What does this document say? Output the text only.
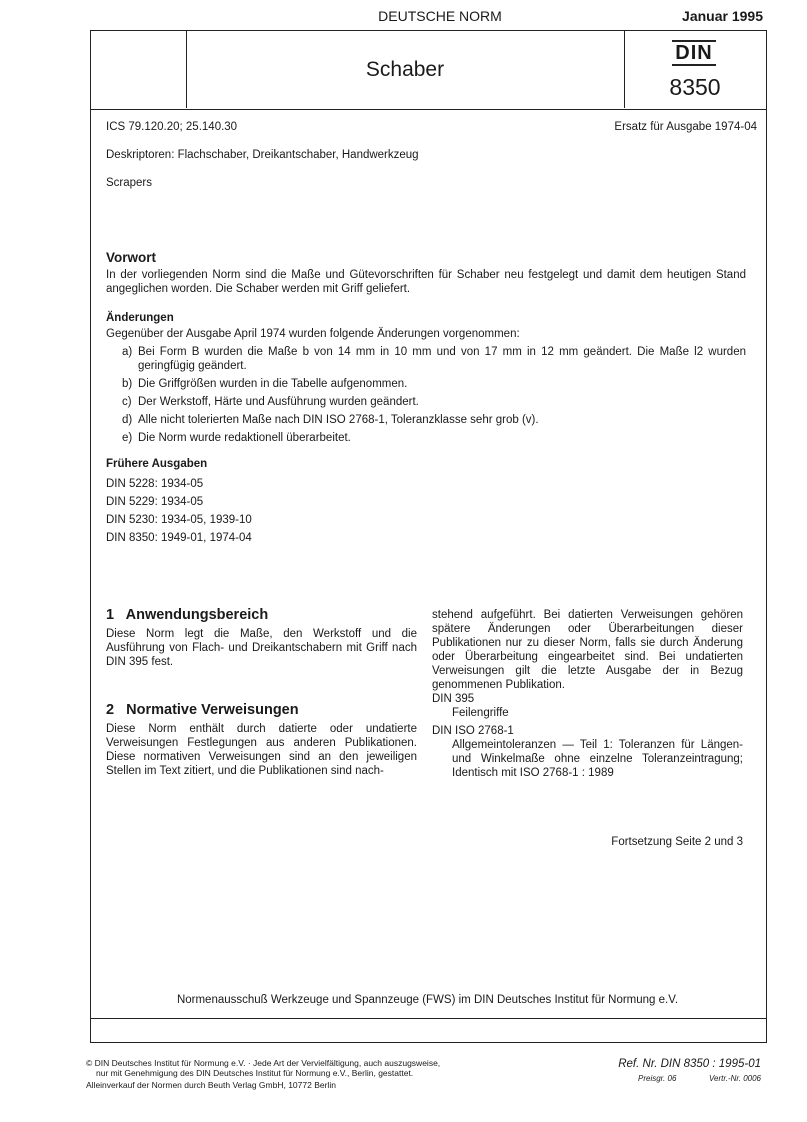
DEUTSCHE NORM	Januar 1995
Schaber
DIN
8350
ICS 79.120.20; 25.140.30	Ersatz für Ausgabe 1974-04
Deskriptoren: Flachschaber, Dreikantschaber, Handwerkzeug
Scrapers
Vorwort
In der vorliegenden Norm sind die Maße und Gütevorschriften für Schaber neu festgelegt und damit dem heutigen Stand angeglichen worden. Die Schaber werden mit Griff geliefert.
Änderungen
Gegenüber der Ausgabe April 1974 wurden folgende Änderungen vorgenommen:
a) Bei Form B wurden die Maße b von 14 mm in 10 mm und von 17 mm in 12 mm geändert. Die Maße l2 wurden geringfügig geändert.
b) Die Griffgrößen wurden in die Tabelle aufgenommen.
c) Der Werkstoff, Härte und Ausführung wurden geändert.
d) Alle nicht tolerierten Maße nach DIN ISO 2768-1, Toleranzklasse sehr grob (v).
e) Die Norm wurde redaktionell überarbeitet.
Frühere Ausgaben
DIN 5228: 1934-05
DIN 5229: 1934-05
DIN 5230: 1934-05, 1939-10
DIN 8350: 1949-01, 1974-04
1   Anwendungsbereich
Diese Norm legt die Maße, den Werkstoff und die Ausführung von Flach- und Dreikantschabern mit Griff nach DIN 395 fest.
2   Normative Verweisungen
Diese Norm enthält durch datierte oder undatierte Verweisungen Festlegungen aus anderen Publikationen. Diese normativen Verweisungen sind an den jeweiligen Stellen im Text zitiert, und die Publikationen sind nach-
stehend aufgeführt. Bei datierten Verweisungen gehören spätere Änderungen oder Überarbeitungen dieser Publikationen nur zu dieser Norm, falls sie durch Änderung oder Überarbeitung eingearbeitet sind. Bei undatierten Verweisungen gilt die letzte Ausgabe der in Bezug genommenen Publikation.
DIN 395
Feilengriffe
DIN ISO 2768-1
Allgemeintoleranzen — Teil 1: Toleranzen für Längen- und Winkelmaße ohne einzelne Toleranzeintragung; Identisch mit ISO 2768-1 : 1989
Fortsetzung Seite 2 und 3
Normenausschuß Werkzeuge und Spannzeuge (FWS) im DIN Deutsches Institut für Normung e.V.
© DIN Deutsches Institut für Normung e.V. · Jede Art der Vervielfältigung, auch auszugsweise,
nur mit Genehmigung des DIN Deutsches Institut für Normung e.V., Berlin, gestattet.
Alleinverkauf der Normen durch Beuth Verlag GmbH, 10772 Berlin
Ref. Nr. DIN 8350 : 1995-01
Preisgr. 06	Vertr.-Nr. 0006
